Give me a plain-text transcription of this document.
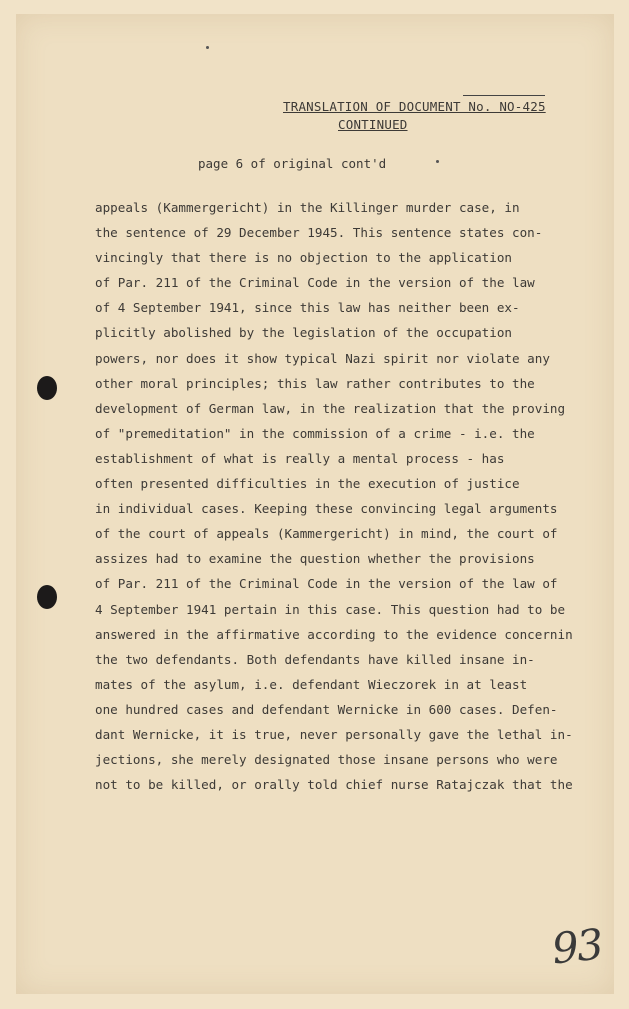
TRANSLATION OF DOCUMENT No. NO-425
CONTINUED
page 6 of original cont'd
appeals (Kammergericht) in the Killinger murder case, in
the sentence of 29 December 1945. This sentence states con-
vincingly that there is no objection to the application
of Par. 211 of the Criminal Code in the version of the law
of 4 September 1941, since this law has neither been ex-
plicitly abolished by the legislation of the occupation
powers, nor does it show typical Nazi spirit nor violate any
other moral principles; this law rather contributes to the
development of German law, in the realization that the proving
of "premeditation" in the commission of a crime - i.e. the
establishment of what is really a mental process - has
often presented difficulties in the execution of justice
in individual cases. Keeping these convincing legal arguments
of the court of appeals (Kammergericht) in mind, the court of
assizes had to examine the question whether the provisions
of Par. 211 of the Criminal Code in the version of the law of
4 September 1941 pertain in this case. This question had to be
answered in the affirmative according to the evidence concernin
the two defendants. Both defendants have killed insane in-
mates of the asylum, i.e. defendant Wieczorek in at least
one hundred cases and defendant Wernicke in 600 cases. Defen-
dant Wernicke, it is true, never personally gave the lethal in-
jections, she merely designated those insane persons who were
not to be killed, or orally told chief nurse Ratajczak that the
93
